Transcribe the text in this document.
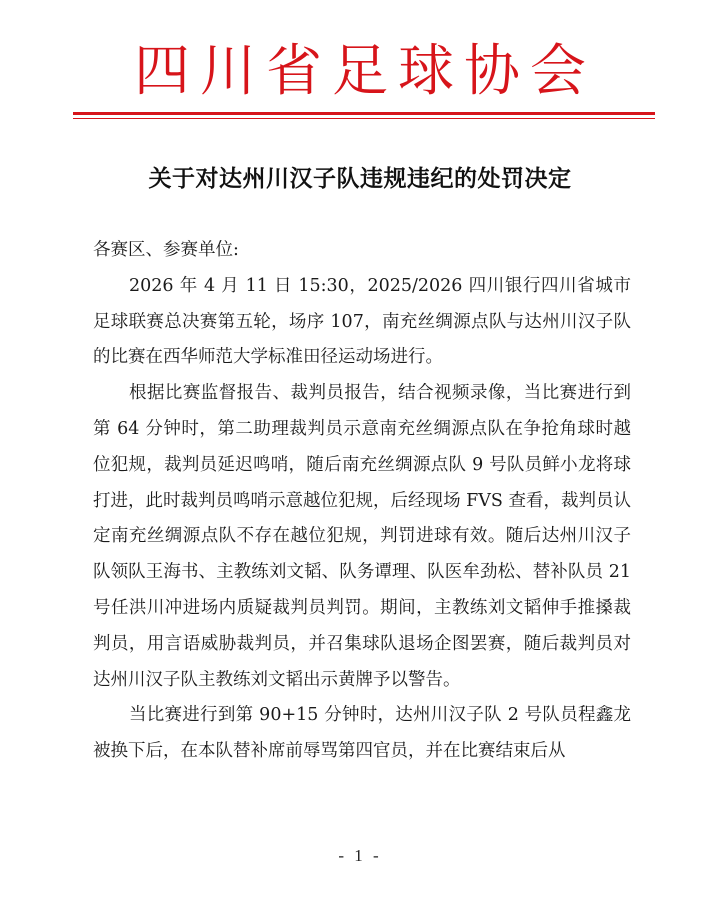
四川省足球协会
关于对达州川汉子队违规违纪的处罚决定

各赛区、参赛单位:

2026 年 4 月 11 日 15:30，2025/2026 四川银行四川省城市足球联赛总决赛第五轮，场序 107，南充丝绸源点队与达州川汉子队的比赛在西华师范大学标准田径运动场进行。

根据比赛监督报告、裁判员报告，结合视频录像，当比赛进行到第 64 分钟时，第二助理裁判员示意南充丝绸源点队在争抢角球时越位犯规，裁判员延迟鸣哨，随后南充丝绸源点队 9 号队员鲜小龙将球打进，此时裁判员鸣哨示意越位犯规，后经现场 FVS 查看，裁判员认定南充丝绸源点队不存在越位犯规，判罚进球有效。随后达州川汉子队领队王海书、主教练刘文韬、队务谭理、队医牟劲松、替补队员 21 号任洪川冲进场内质疑裁判员判罚。期间，主教练刘文韬伸手推搡裁判员，用言语威胁裁判员，并召集球队退场企图罢赛，随后裁判员对达州川汉子队主教练刘文韬出示黄牌予以警告。

当比赛进行到第 90+15 分钟时，达州川汉子队 2 号队员程鑫龙被换下后，在本队替补席前辱骂第四官员，并在比赛结束后从

- 1 -
